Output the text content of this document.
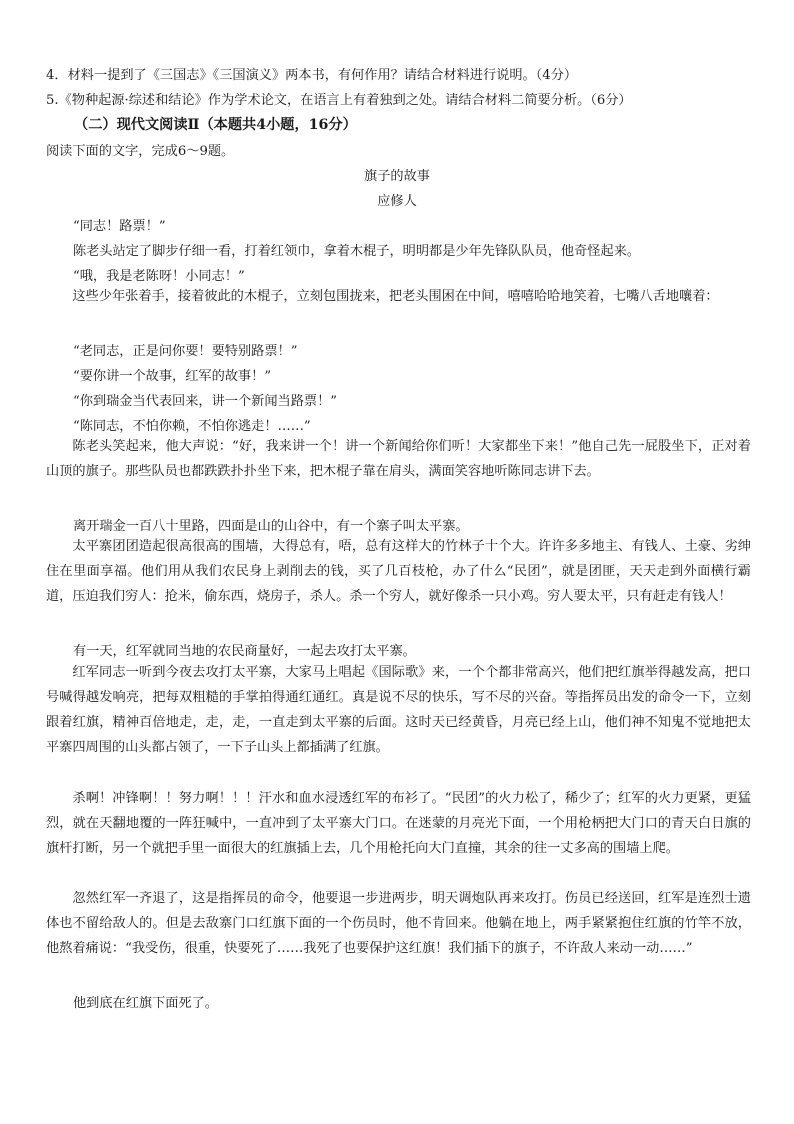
4．材料一提到了《三国志》《三国演义》两本书，有何作用？请结合材料进行说明。（4分）
5.《物种起源·综述和结论》作为学术论文，在语言上有着独到之处。请结合材料二简要分析。（6分）
（二）现代文阅读Ⅱ（本题共4小题，16分）
阅读下面的文字，完成6～9题。
旗子的故事
应修人
“同志！路票！”
陈老头站定了脚步仔细一看，打着红领巾，拿着木棍子，明明都是少年先锋队队员，他奇怪起来。
“哦，我是老陈呀！小同志！”
这些少年张着手，接着彼此的木棍子，立刻包围拢来，把老头围困在中间，嘻嘻哈哈地笑着，七嘴八舌地嚷着：
“老同志，正是问你要！要特别路票！”
“要你讲一个故事，红军的故事！”
“你到瑞金当代表回来，讲一个新闻当路票！”
“陈同志，不怕你赖，不怕你逃走！……”
陈老头笑起来，他大声说：“好，我来讲一个！讲一个新闻给你们听！大家都坐下来！”他自己先一屁股坐下，正对着山顶的旗子。那些队员也都跌跌扑扑坐下来，把木棍子靠在肩头，满面笑容地听陈同志讲下去。
离开瑞金一百八十里路，四面是山的山谷中，有一个寨子叫太平寨。
太平寨团团造起很高很高的围墙，大得总有，唔，总有这样大的竹林子十个大。许许多多地主、有钱人、土豪、劣绅住在里面享福。他们用从我们农民身上剥削去的钱，买了几百枝枪，办了什么“民团”，就是团匪，天天走到外面横行霸道，压迫我们穷人：抢米，偷东西，烧房子，杀人。杀一个穷人，就好像杀一只小鸡。穷人要太平，只有赶走有钱人！
有一天，红军就同当地的农民商量好，一起去攻打太平寨。
红军同志一听到今夜去攻打太平寨，大家马上唱起《国际歌》来，一个个都非常高兴，他们把红旗举得越发高，把口号喊得越发响亮，把每双粗糙的手掌拍得通红通红。真是说不尽的快乐，写不尽的兴奋。等指挥员出发的命令一下，立刻跟着红旗，精神百倍地走，走，走，一直走到太平寨的后面。这时天已经黄昏，月亮已经上山，他们神不知鬼不觉地把太平寨四周围的山头都占领了，一下子山头上都插满了红旗。
杀啊！冲锋啊！！努力啊！！！汗水和血水浸透红军的布衫了。“民团”的火力松了，稀少了；红军的火力更紧，更猛烈，就在天翻地覆的一阵狂喊中，一直冲到了太平寨大门口。在迷蒙的月亮光下面，一个用枪柄把大门口的青天白日旗的旗杆打断，另一个就把手里一面很大的红旗插上去，几个用枪托向大门直撞，其余的往一丈多高的围墙上爬。
忽然红军一齐退了，这是指挥员的命令，他要退一步进两步，明天调炮队再来攻打。伤员已经送回，红军是连烈士遗体也不留给敌人的。但是去敌寨门口红旗下面的一个伤员时，他不肯回来。他躺在地上，两手紧紧抱住红旗的竹竿不放，他熬着痛说：“我受伤，很重，快要死了……我死了也要保护这红旗！我们插下的旗子，不许敌人来动一动……”
他到底在红旗下面死了。
